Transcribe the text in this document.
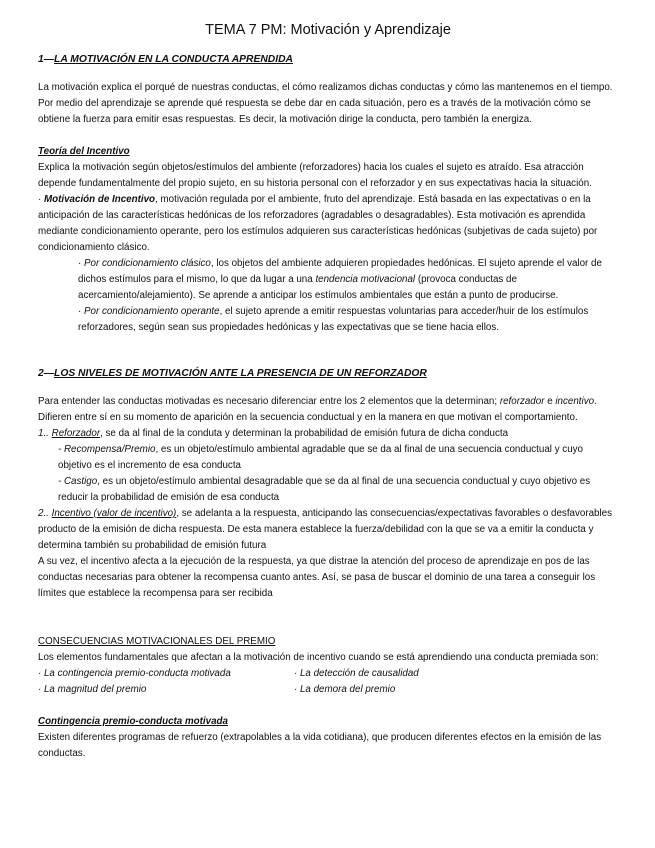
TEMA 7 PM: Motivación y Aprendizaje
1—LA MOTIVACIÓN EN LA CONDUCTA APRENDIDA

La motivación explica el porqué de nuestras conductas, el cómo realizamos dichas conductas y cómo las mantenemos en el tiempo. Por medio del aprendizaje se aprende qué respuesta se debe dar en cada situación, pero es a través de la motivación cómo se obtiene la fuerza para emitir esas respuestas. Es decir, la motivación dirige la conducta, pero también la energiza.

Teoría del Incentivo

Explica la motivación según objetos/estímulos del ambiente (reforzadores) hacia los cuales el sujeto es atraído. Esa atracción depende fundamentalmente del propio sujeto, en su historia personal con el reforzador y en sus expectativas hacia la situación.

· Motivación de Incentivo, motivación regulada por el ambiente, fruto del aprendizaje. Está basada en las expectativas o en la anticipación de las características hedónicas de los reforzadores (agradables o desagradables). Esta motivación es aprendida mediante condicionamiento operante, pero los estímulos adquieren sus características hedónicas (subjetivas de cada sujeto) por condicionamiento clásico.

· Por condicionamiento clásico, los objetos del ambiente adquieren propiedades hedónicas. El sujeto aprende el valor de dichos estímulos para el mismo, lo que da lugar a una tendencia motivacional (provoca conductas de acercamiento/alejamiento). Se aprende a anticipar los estímulos ambientales que están a punto de producirse.

· Por condicionamiento operante, el sujeto aprende a emitir respuestas voluntarias para acceder/huir de los estímulos reforzadores, según sean sus propiedades hedónicas y las expectativas que se tiene hacia ellos.

2—LOS NIVELES DE MOTIVACIÓN ANTE LA PRESENCIA DE UN REFORZADOR

Para entender las conductas motivadas es necesario diferenciar entre los 2 elementos que la determinan; reforzador e incentivo. Difieren entre sí en su momento de aparición en la secuencia conductual y en la manera en que motivan el comportamiento.

1.. Reforzador, se da al final de la conduta y determinan la probabilidad de emisión futura de dicha conducta

- Recompensa/Premio, es un objeto/estímulo ambiental agradable que se da al final de una secuencia conductual y cuyo objetivo es el incremento de esa conducta

- Castigo, es un objeto/estímulo ambiental desagradable que se da al final de una secuencia conductual y cuyo objetivo es reducir la probabilidad de emisión de esa conducta

2.. Incentivo (valor de incentivo), se adelanta a la respuesta, anticipando las consecuencias/expectativas favorables o desfavorables producto de la emisión de dicha respuesta. De esta manera establece la fuerza/debilidad con la que se va a emitir la conducta y determina también su probabilidad de emisión futura

A su vez, el incentivo afecta a la ejecución de la respuesta, ya que distrae la atención del proceso de aprendizaje en pos de las conductas necesarias para obtener la recompensa cuanto antes. Así, se pasa de buscar el dominio de una tarea a conseguir los límites que establece la recompensa para ser recibida

CONSECUENCIAS MOTIVACIONALES DEL PREMIO

Los elementos fundamentales que afectan a la motivación de incentivo cuando se está aprendiendo una conducta premiada son:

· La contingencia premio-conducta motivada
· La magnitud del premio
· La detección de causalidad
· La demora del premio
Contingencia premio-conducta motivada

Existen diferentes programas de refuerzo (extrapolables a la vida cotidiana), que producen diferentes efectos en la emisión de las conductas.
